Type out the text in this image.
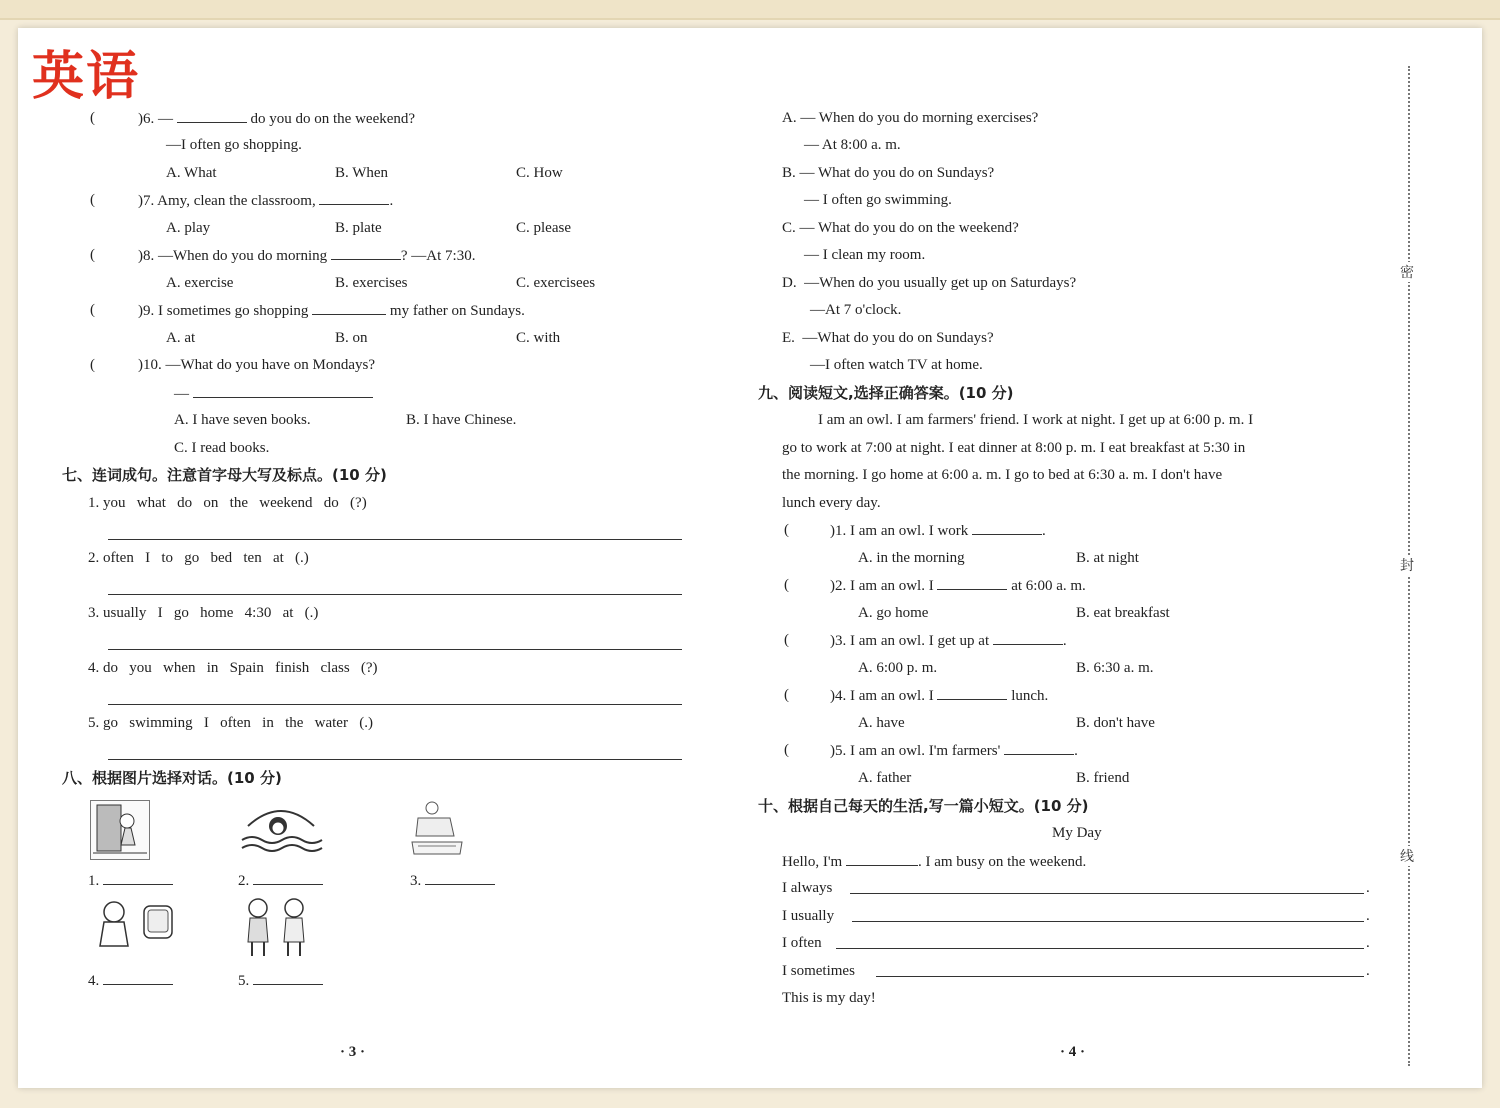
英语
(	)6. —	do you do on the weekend?
—I often go shopping.
A. What	B. When	C. How
(	)7. Amy, clean the classroom,	.
A. play	B. plate	C. please
(	)8. —When do you do morning	? —At 7:30.
A. exercise	B. exercises	C. exercisees
(	)9. I sometimes go shopping	my father on Sundays.
A. at	B. on	C. with
(	)10. —What do you have on Mondays?
—
A. I have seven books.	B. I have Chinese.
C. I read books.
七、连词成句。注意首字母大写及标点。(10 分)
1. you   what   do   on   the   weekend   do   (?)
2. often   I   to   go   bed   ten   at   (.)
3. usually   I   go   home   4:30   at   (.)
4. do   you   when   in   Spain   finish   class   (?)
5. go   swimming   I   often   in   the   water   (.)
八、根据图片选择对话。(10 分)
1.	2.	3.
4.	5.
· 3 ·
A. — When do you do morning exercises?
— At 8:00 a. m.
B. — What do you do on Sundays?
— I often go swimming.
C. — What do you do on the weekend?
— I clean my room.
D.  —When do you usually get up on Saturdays?
—At 7 o'clock.
E.  —What do you do on Sundays?
—I often watch TV at home.
九、阅读短文,选择正确答案。(10 分)
I am an owl. I am farmers' friend. I work at night. I get up at 6:00 p. m. I
go to work at 7:00 at night. I eat dinner at 8:00 p. m. I eat breakfast at 5:30 in
the morning. I go home at 6:00 a. m. I go to bed at 6:30 a. m. I don't have
lunch every day.
(	)1. I am an owl. I work	.
A. in the morning	B. at night
(	)2. I am an owl. I	at 6:00 a. m.
A. go home	B. eat breakfast
(	)3. I am an owl. I get up at	.
A. 6:00 p. m.	B. 6:30 a. m.
(	)4. I am an owl. I	lunch.
A. have	B. don't have
(	)5. I am an owl. I'm farmers'	.
A. father	B. friend
十、根据自己每天的生活,写一篇小短文。(10 分)
My Day
Hello, I'm	. I am busy on the weekend.
I always	.
I usually	.
I often	.
I sometimes	.
This is my day!
· 4 ·
密
封
线
